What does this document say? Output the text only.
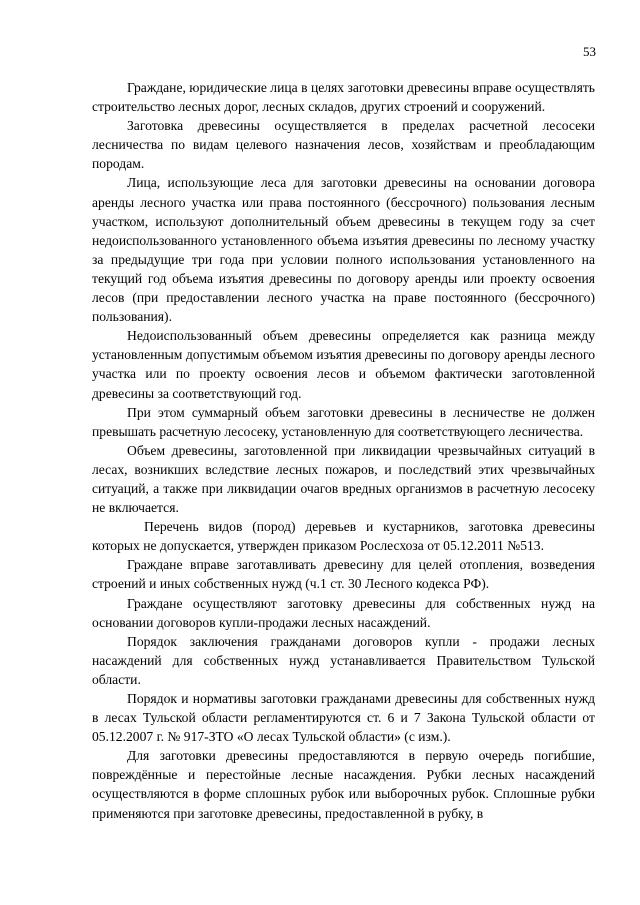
53

Граждане, юридические лица в целях заготовки древесины вправе осуществлять строительство лесных дорог, лесных складов, других строений и сооружений.

Заготовка древесины осуществляется в пределах расчетной лесосеки лесничества по видам целевого назначения лесов, хозяйствам и преобладающим породам.

Лица, использующие леса для заготовки древесины на основании договора аренды лесного участка или права постоянного (бессрочного) пользования лесным участком, используют дополнительный объем древесины в текущем году за счет недоиспользованного установленного объема изъятия древесины по лесному участку за предыдущие три года при условии полного использования установленного на текущий год объема изъятия древесины по договору аренды или проекту освоения лесов (при предоставлении лесного участка на праве постоянного (бессрочного) пользования).

Недоиспользованный объем древесины определяется как разница между установленным допустимым объемом изъятия древесины по договору аренды лесного участка или по проекту освоения лесов и объемом фактически заготовленной древесины за соответствующий год.

При этом суммарный объем заготовки древесины в лесничестве не должен превышать расчетную лесосеку, установленную для соответствующего лесничества.

Объем древесины, заготовленной при ликвидации чрезвычайных ситуаций в лесах, возникших вследствие лесных пожаров, и последствий этих чрезвычайных ситуаций, а также при ликвидации очагов вредных организмов в расчетную лесосеку не включается.

Перечень видов (пород) деревьев и кустарников, заготовка древесины которых не допускается, утвержден приказом Рослесхоза от 05.12.2011 №513.

Граждане вправе заготавливать древесину для целей отопления, возведения строений и иных собственных нужд (ч.1 ст. 30 Лесного кодекса РФ).

Граждане осуществляют заготовку древесины для собственных нужд на основании договоров купли-продажи лесных насаждений.

Порядок заключения гражданами договоров купли - продажи лесных насаждений для собственных нужд устанавливается Правительством Тульской области.

Порядок и нормативы заготовки гражданами древесины для собственных нужд в лесах Тульской области регламентируются ст. 6 и 7 Закона Тульской области от 05.12.2007 г. № 917-ЗТО «О лесах Тульской области» (с изм.).

Для заготовки древесины предоставляются в первую очередь погибшие, повреждённые и перестойные лесные насаждения. Рубки лесных насаждений осуществляются в форме сплошных рубок или выборочных рубок. Сплошные рубки применяются при заготовке древесины, предоставленной в рубку, в
